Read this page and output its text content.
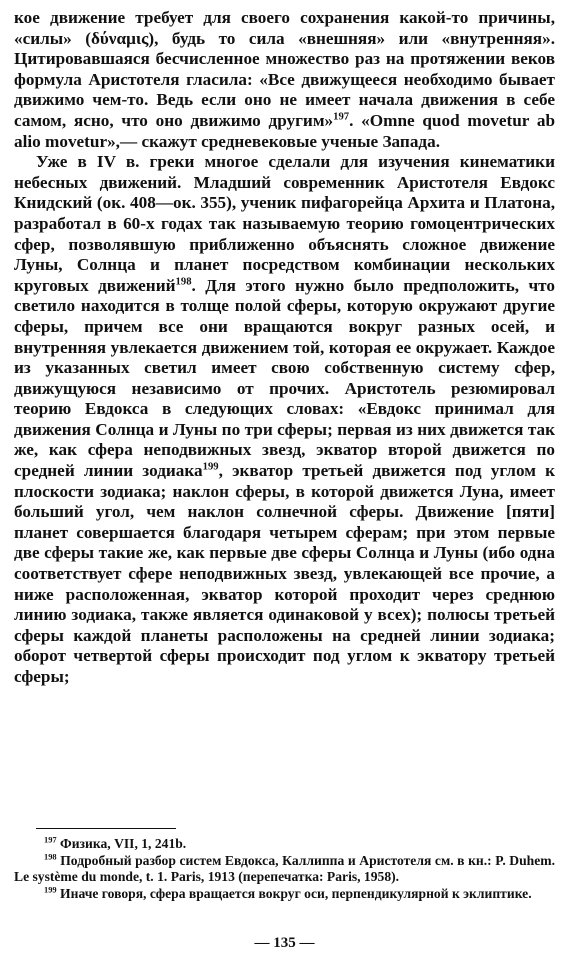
кое движение требует для своего сохранения какой-то причины, «силы» (δύναμις), будь то сила «внешняя» или «внутренняя». Цитировавшаяся бесчисленное множество раз на протяжении веков формула Аристотеля гласила: «Все движущееся необходимо бывает движимо чем-то. Ведь если оно не имеет начала движения в себе самом, ясно, что оно движимо другим»$^{197}$. «Omne quod movetur ab alio movetur»,— скажут средневековые ученые Запада.

Уже в IV в. греки многое сделали для изучения кинематики небесных движений. Младший современник Аристотеля Евдокс Книдский (ок. 408—ок. 355), ученик пифагорейца Архита и Платона, разработал в 60-х годах так называемую теорию гомоцентрических сфер, позволявшую приближенно объяснять сложное движение Луны, Солнца и планет посредством комбинации нескольких круговых движений$^{198}$. Для этого нужно было предположить, что светило находится в толще полой сферы, которую окружают другие сферы, причем все они вращаются вокруг разных осей, и внутренняя увлекается движением той, которая ее окружает. Каждое из указанных светил имеет свою собственную систему сфер, движущуюся независимо от прочих. Аристотель резюмировал теорию Евдокса в следующих словах: «Евдокс принимал для движения Солнца и Луны по три сферы; первая из них движется так же, как сфера неподвижных звезд, экватор второй движется по средней линии зодиака$^{199}$, экватор третьей движется под углом к плоскости зодиака; наклон сферы, в которой движется Луна, имеет больший угол, чем наклон солнечной сферы. Движение [пяти] планет совершается благодаря четырем сферам; при этом первые две сферы такие же, как первые две сферы Солнца и Луны (ибо одна соответствует сфере неподвижных звезд, увлекающей все прочие, а ниже расположенная, экватор которой проходит через среднюю линию зодиака, также является одинаковой у всех); полюсы третьей сферы каждой планеты расположены на средней линии зодиака; оборот четвертой сферы происходит под углом к экватору третьей сферы;

$^{197}$ Физика, VII, 1, 241b.

$^{198}$ Подробный разбор систем Евдокса, Каллиппа и Аристотеля см. в кн.: P. Duhem. Le système du monde, t. 1. Paris, 1913 (перепечатка: Paris, 1958).

$^{199}$ Иначе говоря, сфера вращается вокруг оси, перпендикулярной к эклиптике.

— 135 —
